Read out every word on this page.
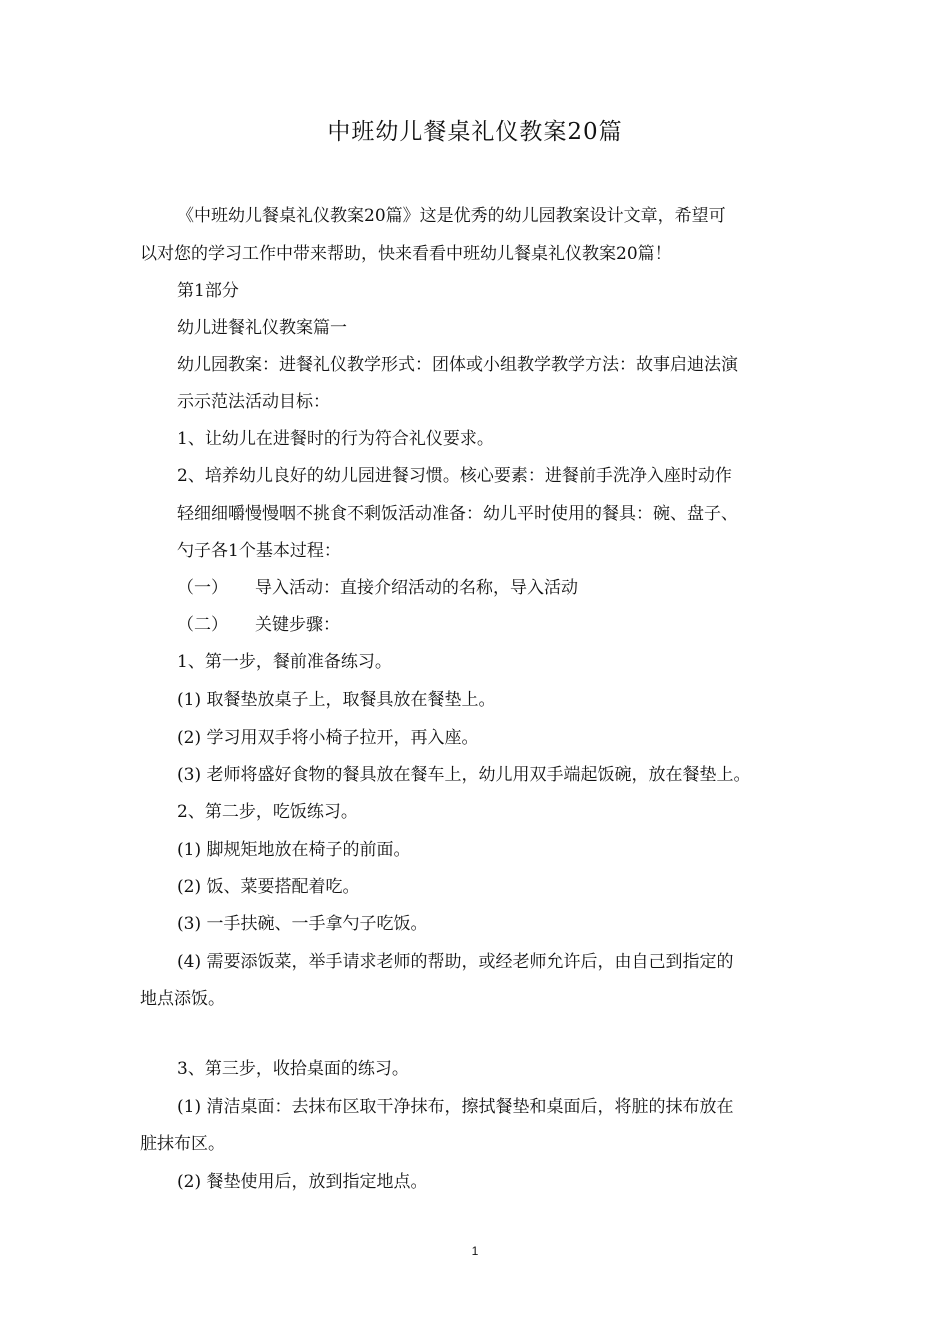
中班幼儿餐桌礼仪教案20篇
《中班幼儿餐桌礼仪教案20篇》这是优秀的幼儿园教案设计文章，希望可
以对您的学习工作中带来帮助，快来看看中班幼儿餐桌礼仪教案20篇！
第1部分
幼儿进餐礼仪教案篇一
幼儿园教案：进餐礼仪教学形式：团体或小组教学教学方法：故事启迪法演
示示范法活动目标：
1、让幼儿在进餐时的行为符合礼仪要求。
2、培养幼儿良好的幼儿园进餐习惯。核心要素：进餐前手洗净入座时动作
轻细细嚼慢慢咽不挑食不剩饭活动准备：幼儿平时使用的餐具：碗、盘子、
勺子各1个基本过程：
（一） 导入活动：直接介绍活动的名称，导入活动
（二） 关键步骤：
1、第一步，餐前准备练习。
(1) 取餐垫放桌子上，取餐具放在餐垫上。
(2) 学习用双手将小椅子拉开，再入座。
(3) 老师将盛好食物的餐具放在餐车上，幼儿用双手端起饭碗，放在餐垫上。
2、第二步，吃饭练习。
(1) 脚规矩地放在椅子的前面。
(2) 饭、菜要搭配着吃。
(3) 一手扶碗、一手拿勺子吃饭。
(4) 需要添饭菜，举手请求老师的帮助，或经老师允许后，由自己到指定的
地点添饭。
3、第三步，收拾桌面的练习。
(1) 清洁桌面：去抹布区取干净抹布，擦拭餐垫和桌面后，将脏的抹布放在
脏抹布区。
(2) 餐垫使用后，放到指定地点。
1
